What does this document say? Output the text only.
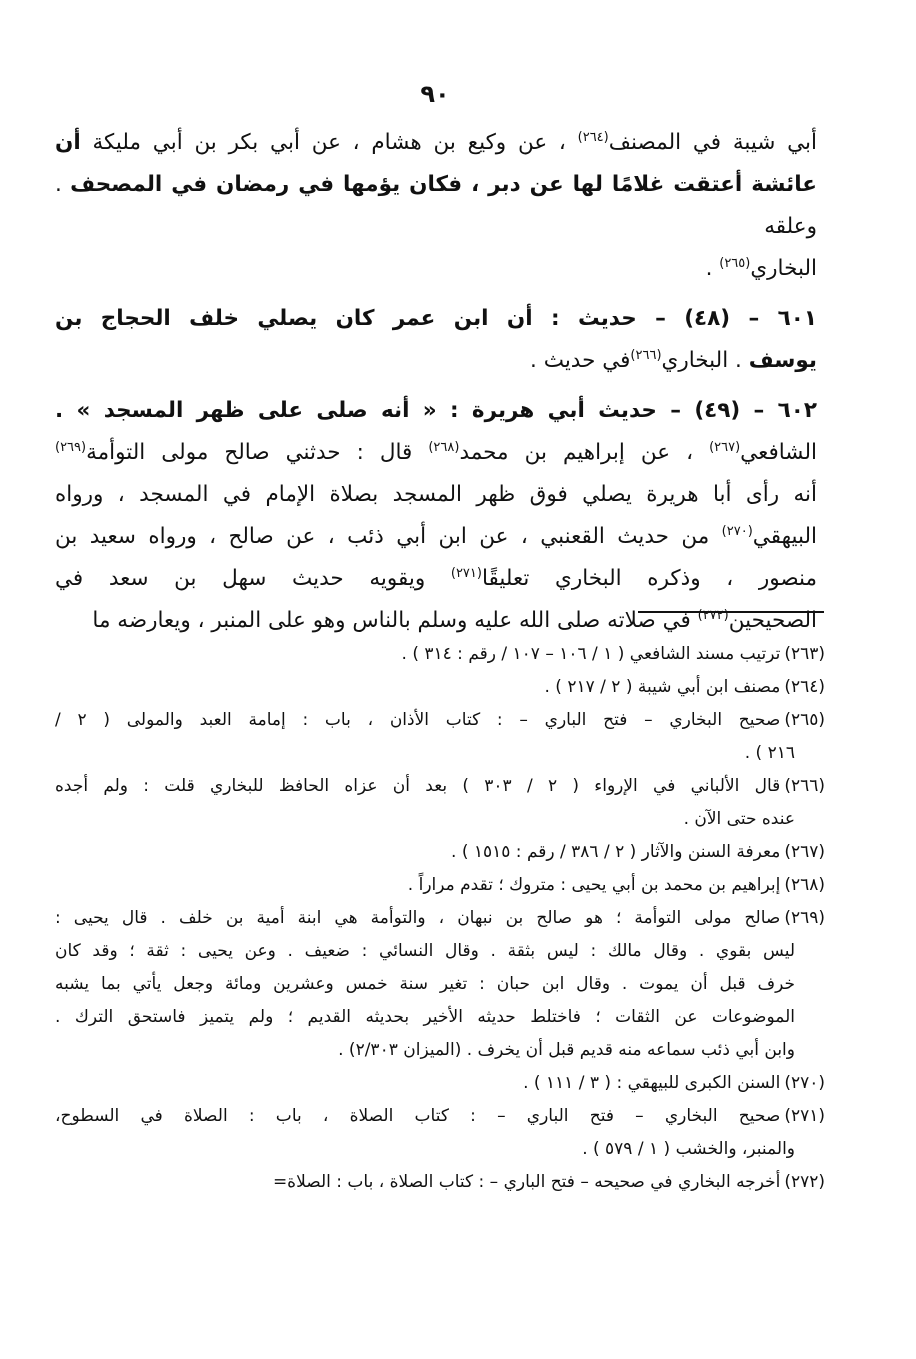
٩٠
أبي شيبة في المصنف$^{(٢٦٤)}$ ، عن وكيع بن هشام ، عن أبي بكر بن أبي مليكة أن
عائشة أعتقت غلامًا لها عن دبر ، فكان يؤمها في رمضان في المصحف . وعلقه
البخاري$^{(٢٦٥)}$ .
٦٠١ – (٤٨) – حديث : أن ابن عمر كان يصلي خلف الحجاج بن
يوسف . البخاري$^{(٢٦٦)}$في حديث .
٦٠٢ – (٤٩) – حديث أبي هريرة : « أنه صلى على ظهر المسجد » .
الشافعي$^{(٢٦٧)}$ ، عن إبراهيم بن محمد$^{(٢٦٨)}$ قال : حدثني صالح مولى التوأمة$^{(٢٦٩)}$
أنه رأى أبا هريرة يصلي فوق ظهر المسجد بصلاة الإمام في المسجد ، ورواه
البيهقي$^{(٢٧٠)}$ من حديث القعنبي ، عن ابن أبي ذئب ، عن صالح ، ورواه سعيد بن
منصور ، وذكره البخاري تعليقًا$^{(٢٧١)}$ ويقويه حديث سهل بن سعد في
الصحيحين$^{(٢٧٢)}$ في صلاته صلى الله عليه وسلم بالناس وهو على المنبر ، ويعارضه ما
(٢٦٣)ترتيب مسند الشافعي ( ١ / ١٠٦ – ١٠٧ / رقم : ٣١٤ ) .
(٢٦٤)مصنف ابن أبي شيبة ( ٢ / ٢١٧ ) .
(٢٦٥)صحيح البخاري – فتح الباري – : كتاب الأذان ، باب : إمامة العبد والمولى ( ٢ /
٢١٦ ) .
(٢٦٦)قال الألباني في الإرواء ( ٢ / ٣٠٣ ) بعد أن عزاه الحافظ للبخاري قلت : ولم أجده
عنده حتى الآن .
(٢٦٧)معرفة السنن والآثار ( ٢ / ٣٨٦ / رقم : ١٥١٥ ) .
(٢٦٨)إبراهيم بن محمد بن أبي يحيى : متروك ؛ تقدم مراراً .
(٢٦٩)صالح مولى التوأمة ؛ هو صالح بن نبهان ، والتوأمة هي ابنة أمية بن خلف . قال يحيى :
ليس بقوي . وقال مالك : ليس بثقة . وقال النسائي : ضعيف . وعن يحيى : ثقة ؛ وقد كان
خرف قبل أن يموت . وقال ابن حبان : تغير سنة خمس وعشرين ومائة وجعل يأتي بما يشبه
الموضوعات عن الثقات ؛ فاختلط حديثه الأخير بحديثه القديم ؛ ولم يتميز فاستحق الترك .
وابن أبي ذئب سماعه منه قديم قبل أن يخرف . (الميزان ٢/٣٠٣) .
(٢٧٠)السنن الكبرى للبيهقي : ( ٣ / ١١١ ) .
(٢٧١)صحيح البخاري – فتح الباري – : كتاب الصلاة ، باب : الصلاة في السطوح،
والمنبر، والخشب ( ١ / ٥٧٩ ) .
(٢٧٢)أخرجه البخاري في صحيحه – فتح الباري – : كتاب الصلاة ، باب : الصلاة=
